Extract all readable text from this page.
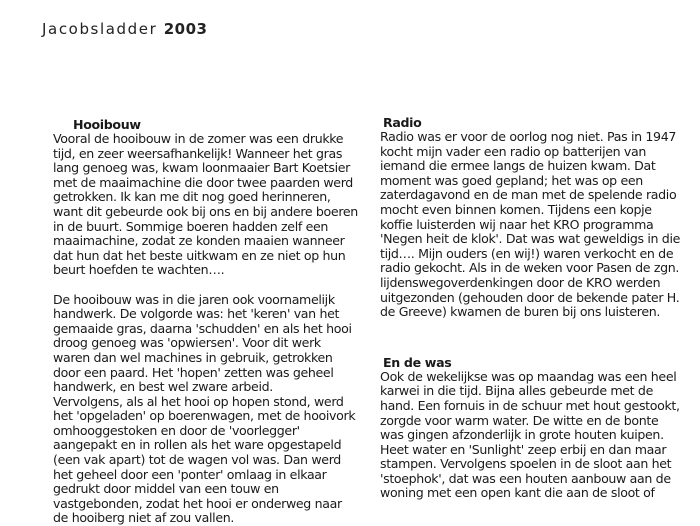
Jacobsladder 2003

Hooibouw

Vooral de hooibouw in de zomer was een drukke tijd, en zeer weersafhankelijk! Wanneer het gras lang genoeg was, kwam loonmaaier Bart Koetsier met de maaimachine die door twee paarden werd getrokken. Ik kan me dit nog goed herinneren, want dit gebeurde ook bij ons en bij andere boeren in de buurt. Sommige boeren hadden zelf een maaimachine, zodat ze konden maaien wanneer dat hun dat het beste uitkwam en ze niet op hun beurt hoefden te wachten….

De hooibouw was in die jaren ook voornamelijk handwerk. De volgorde was: het 'keren' van het gemaaide gras, daarna 'schudden' en als het hooi droog genoeg was 'opwiersen'. Voor dit werk waren dan wel machines in gebruik, getrokken door een paard. Het 'hopen' zetten was geheel handwerk, en best wel zware arbeid.

Vervolgens, als al het hooi op hopen stond, werd het 'opgeladen' op boerenwagen, met de hooivork omhooggestoken en door de 'voorlegger' aangepakt en in rollen als het ware opgestapeld (een vak apart) tot de wagen vol was. Dan werd het geheel door een 'ponter' omlaag in elkaar gedrukt door middel van een touw en vastgebonden, zodat het hooi er onderweg naar de hooiberg niet af zou vallen.

Radio

Radio was er voor de oorlog nog niet. Pas in 1947 kocht mijn vader een radio op batterijen van iemand die ermee langs de huizen kwam. Dat moment was goed gepland; het was op een zaterdagavond en de man met de spelende radio mocht even binnen komen. Tijdens een kopje koffie luisterden wij naar het KRO programma 'Negen heit de klok'. Dat was wat geweldigs in die tijd…. Mijn ouders (en wij!) waren verkocht en de radio gekocht. Als in de weken voor Pasen de zgn. lijdenswegoverdenkingen door de KRO werden uitgezonden (gehouden door de bekende pater H. de Greeve) kwamen de buren bij ons luisteren.

En de was

Ook de wekelijkse was op maandag was een heel karwei in die tijd. Bijna alles gebeurde met de hand. Een fornuis in de schuur met hout gestookt, zorgde voor warm water. De witte en de bonte was gingen afzonderlijk in grote houten kuipen. Heet water en 'Sunlight' zeep erbij en dan maar stampen. Vervolgens spoelen in de sloot aan het 'stoephok', dat was een houten aanbouw aan de woning met een open kant die aan de sloot of
